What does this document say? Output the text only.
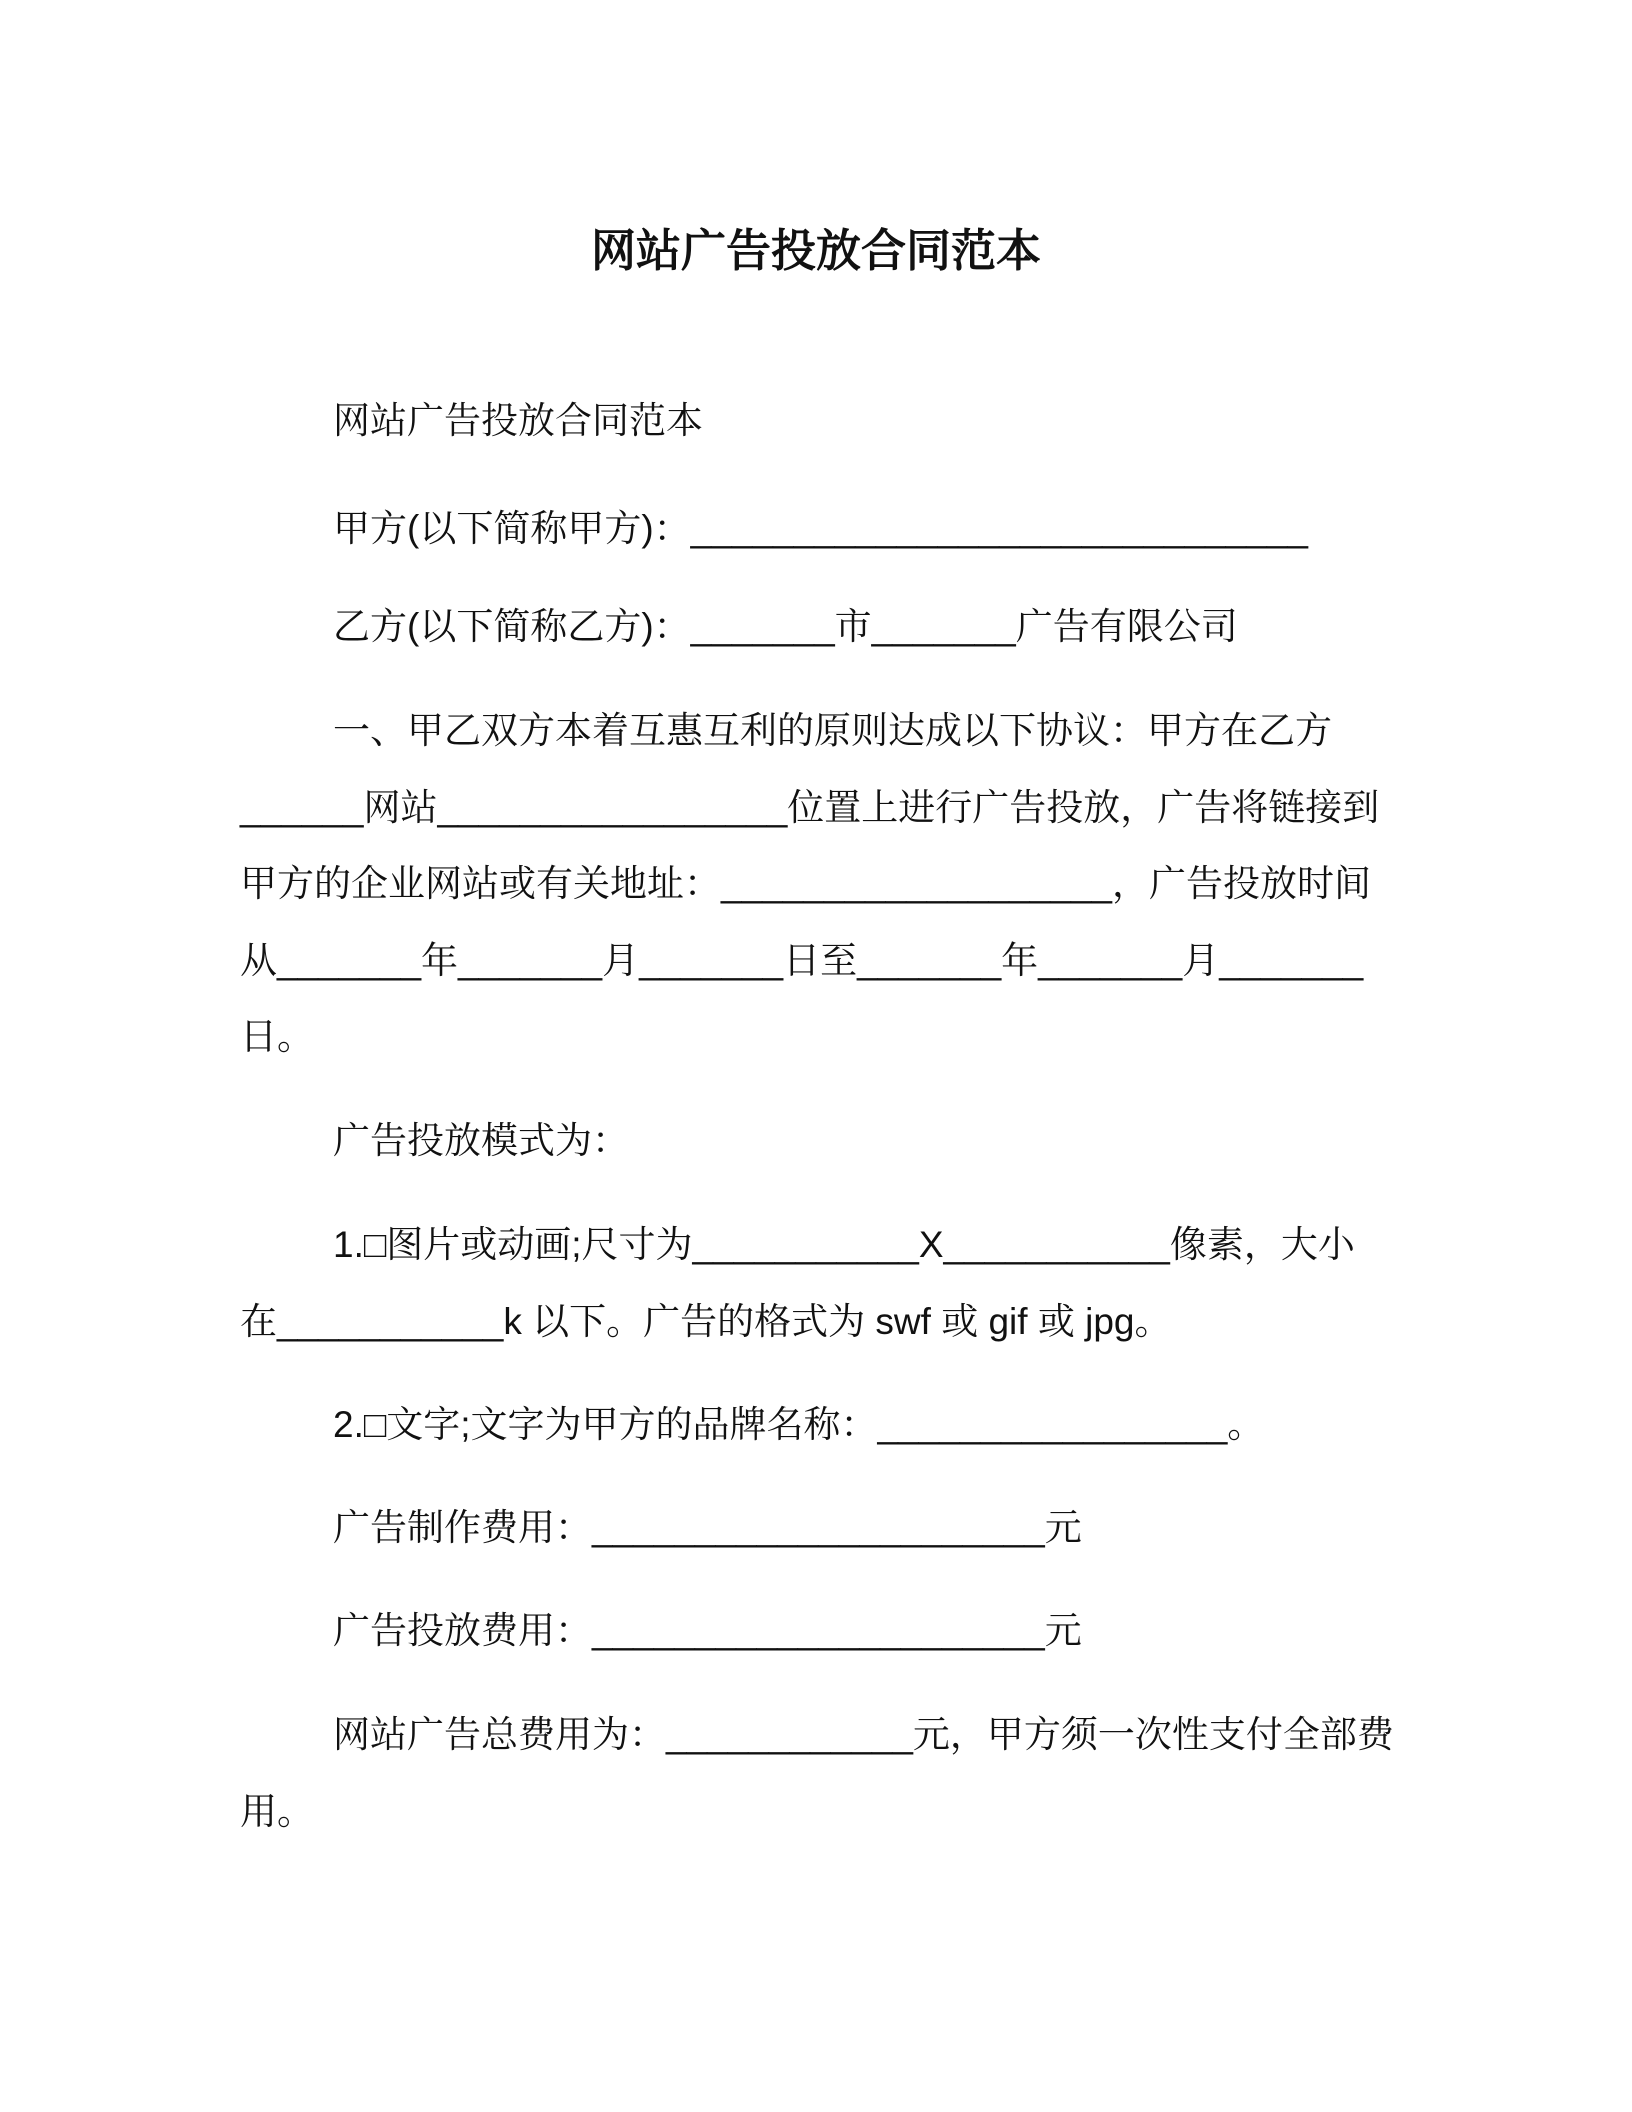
网站广告投放合同范本
网站广告投放合同范本
甲方(以下简称甲方)：______________________________
乙方(以下简称乙方)：_______市_______广告有限公司
一、甲乙双方本着互惠互利的原则达成以下协议：甲方在乙方
______网站_________________位置上进行广告投放，广告将链接到
甲方的企业网站或有关地址：___________________，广告投放时间
从_______年_______月_______日至_______年_______月_______
日。
广告投放模式为：
1.□图片或动画;尺寸为___________X___________像素，大小
在___________k 以下。广告的格式为 swf 或 gif 或 jpg。
2.□文字;文字为甲方的品牌名称：_________________。
广告制作费用：______________________元
广告投放费用：______________________元
网站广告总费用为：____________元，甲方须一次性支付全部费
用。
